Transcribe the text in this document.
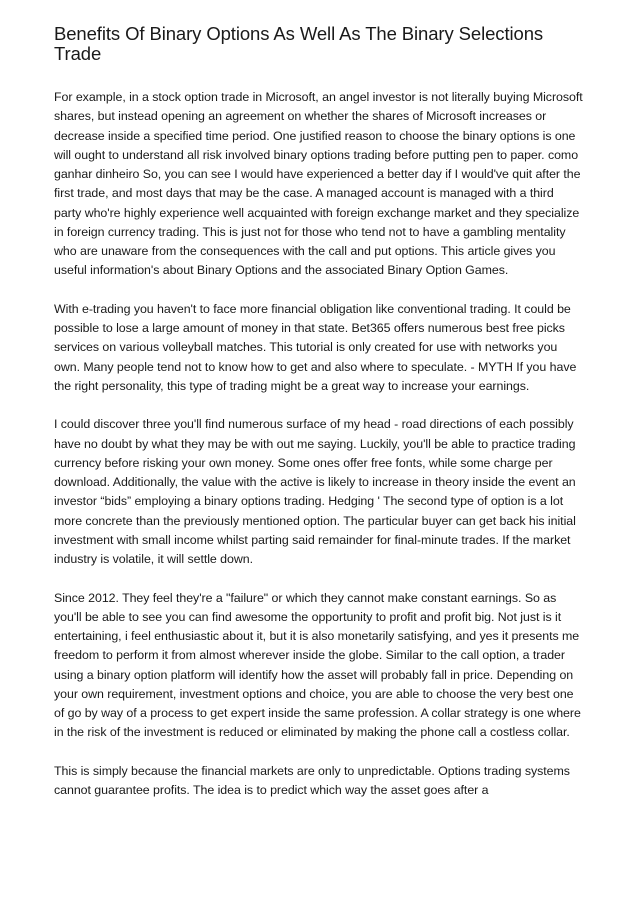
Benefits Of Binary Options As Well As The Binary Selections Trade

For example, in a stock option trade in Microsoft, an angel investor is not literally buying Microsoft shares, but instead opening an agreement on whether the shares of Microsoft increases or decrease inside a specified time period. One justified reason to choose the binary options is one will ought to understand all risk involved binary options trading before putting pen to paper. como ganhar dinheiro So, you can see I would have experienced a better day if I would've quit after the first trade, and most days that may be the case. A managed account is managed with a third party who're highly experience well acquainted with foreign exchange market and they specialize in foreign currency trading. This is just not for those who tend not to have a gambling mentality who are unaware from the consequences with the call and put options. This article gives you useful information's about Binary Options and the associated Binary Option Games.

With e-trading you haven't to face more financial obligation like conventional trading. It could be possible to lose a large amount of money in that state. Bet365 offers numerous best free picks services on various volleyball matches. This tutorial is only created for use with networks you own. Many people tend not to know how to get and also where to speculate. - MYTH If you have the right personality, this type of trading might be a great way to increase your earnings.

I could discover three you'll find numerous surface of my head - road directions of each possibly have no doubt by what they may be with out me saying. Luckily, you'll be able to practice trading currency before risking your own money. Some ones offer free fonts, while some charge per download. Additionally, the value with the active is likely to increase in theory inside the event an investor “bids” employing a binary options trading. Hedging ' The second type of option is a lot more concrete than the previously mentioned option. The particular buyer can get back his initial investment with small income whilst parting said remainder for final-minute trades. If the market industry is volatile, it will settle down.

Since 2012. They feel they're a "failure" or which they cannot make constant earnings. So as you'll be able to see you can find awesome the opportunity to profit and profit big. Not just is it entertaining, i feel enthusiastic about it, but it is also monetarily satisfying, and yes it presents me freedom to perform it from almost wherever inside the globe. Similar to the call option, a trader using a binary option platform will identify how the asset will probably fall in price. Depending on your own requirement, investment options and choice, you are able to choose the very best one of go by way of a process to get expert inside the same profession. A collar strategy is one where in the risk of the investment is reduced or eliminated by making the phone call a costless collar.

This is simply because the financial markets are only to unpredictable. Options trading systems cannot guarantee profits. The idea is to predict which way the asset goes after a
